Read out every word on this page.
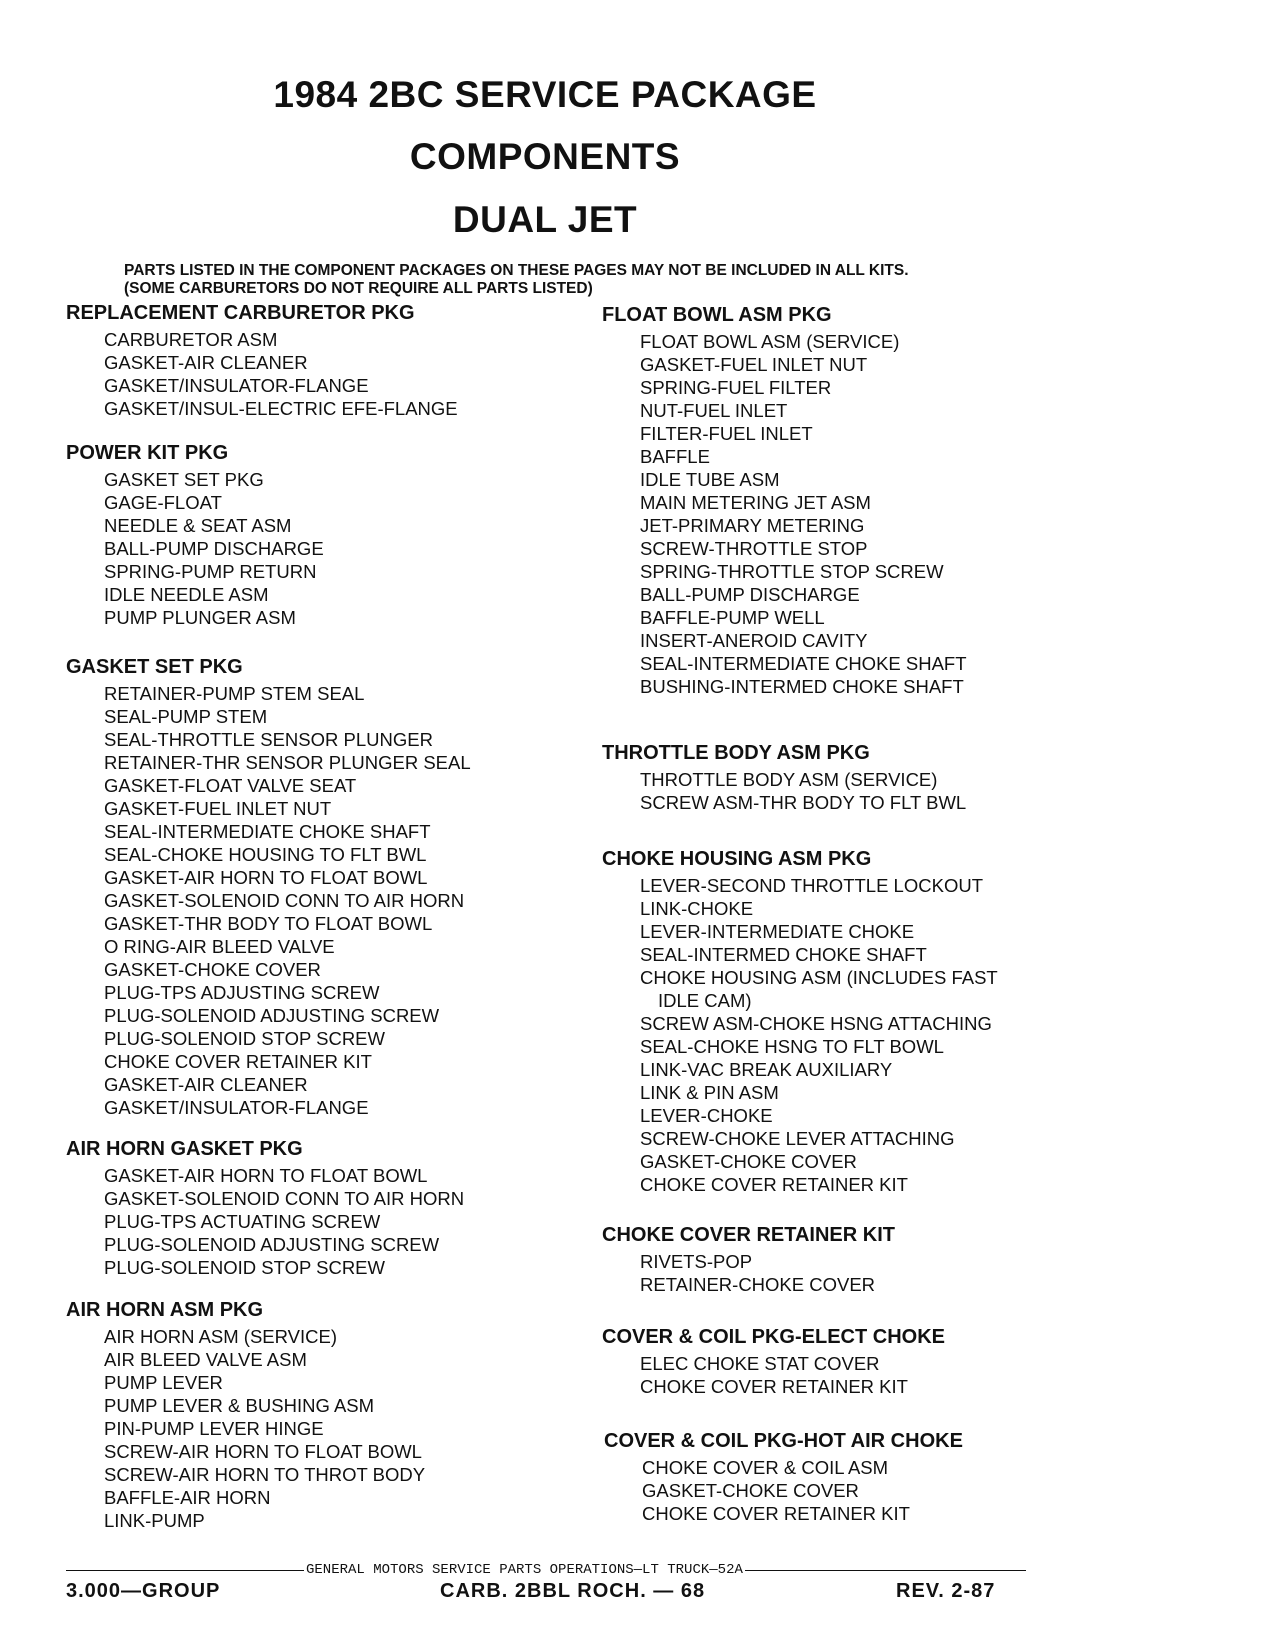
1984 2BC SERVICE PACKAGE
COMPONENTS
DUAL JET
PARTS LISTED IN THE COMPONENT PACKAGES ON THESE PAGES MAY NOT BE INCLUDED IN ALL KITS.
(SOME CARBURETORS DO NOT REQUIRE ALL PARTS LISTED)
REPLACEMENT CARBURETOR PKG
CARBURETOR ASM
GASKET-AIR CLEANER
GASKET/INSULATOR-FLANGE
GASKET/INSUL-ELECTRIC EFE-FLANGE
POWER KIT PKG
GASKET SET PKG
GAGE-FLOAT
NEEDLE & SEAT ASM
BALL-PUMP DISCHARGE
SPRING-PUMP RETURN
IDLE NEEDLE ASM
PUMP PLUNGER ASM
GASKET SET PKG
RETAINER-PUMP STEM SEAL
SEAL-PUMP STEM
SEAL-THROTTLE SENSOR PLUNGER
RETAINER-THR SENSOR PLUNGER SEAL
GASKET-FLOAT VALVE SEAT
GASKET-FUEL INLET NUT
SEAL-INTERMEDIATE CHOKE SHAFT
SEAL-CHOKE HOUSING TO FLT BWL
GASKET-AIR HORN TO FLOAT BOWL
GASKET-SOLENOID CONN TO AIR HORN
GASKET-THR BODY TO FLOAT BOWL
O RING-AIR BLEED VALVE
GASKET-CHOKE COVER
PLUG-TPS ADJUSTING SCREW
PLUG-SOLENOID ADJUSTING SCREW
PLUG-SOLENOID STOP SCREW
CHOKE COVER RETAINER KIT
GASKET-AIR CLEANER
GASKET/INSULATOR-FLANGE
AIR HORN GASKET PKG
GASKET-AIR HORN TO FLOAT BOWL
GASKET-SOLENOID CONN TO AIR HORN
PLUG-TPS ACTUATING SCREW
PLUG-SOLENOID ADJUSTING SCREW
PLUG-SOLENOID STOP SCREW
AIR HORN ASM PKG
AIR HORN ASM (SERVICE)
AIR BLEED VALVE ASM
PUMP LEVER
PUMP LEVER & BUSHING ASM
PIN-PUMP LEVER HINGE
SCREW-AIR HORN TO FLOAT BOWL
SCREW-AIR HORN TO THROT BODY
BAFFLE-AIR HORN
LINK-PUMP
FLOAT BOWL ASM PKG
FLOAT BOWL ASM (SERVICE)
GASKET-FUEL INLET NUT
SPRING-FUEL FILTER
NUT-FUEL INLET
FILTER-FUEL INLET
BAFFLE
IDLE TUBE ASM
MAIN METERING JET ASM
JET-PRIMARY METERING
SCREW-THROTTLE STOP
SPRING-THROTTLE STOP SCREW
BALL-PUMP DISCHARGE
BAFFLE-PUMP WELL
INSERT-ANEROID CAVITY
SEAL-INTERMEDIATE CHOKE SHAFT
BUSHING-INTERMED CHOKE SHAFT
THROTTLE BODY ASM PKG
THROTTLE BODY ASM (SERVICE)
SCREW ASM-THR BODY TO FLT BWL
CHOKE HOUSING ASM PKG
LEVER-SECOND THROTTLE LOCKOUT
LINK-CHOKE
LEVER-INTERMEDIATE CHOKE
SEAL-INTERMED CHOKE SHAFT
CHOKE HOUSING ASM (INCLUDES FAST
IDLE CAM)
SCREW ASM-CHOKE HSNG ATTACHING
SEAL-CHOKE HSNG TO FLT BOWL
LINK-VAC BREAK AUXILIARY
LINK & PIN ASM
LEVER-CHOKE
SCREW-CHOKE LEVER ATTACHING
GASKET-CHOKE COVER
CHOKE COVER RETAINER KIT
CHOKE COVER RETAINER KIT
RIVETS-POP
RETAINER-CHOKE COVER
COVER & COIL PKG-ELECT CHOKE
ELEC CHOKE STAT COVER
CHOKE COVER RETAINER KIT
COVER & COIL PKG-HOT AIR CHOKE
CHOKE COVER & COIL ASM
GASKET-CHOKE COVER
CHOKE COVER RETAINER KIT
GENERAL MOTORS SERVICE PARTS OPERATIONS—LT TRUCK—52A
3.000—GROUP	CARB. 2BBL ROCH. — 68	REV. 2-87
